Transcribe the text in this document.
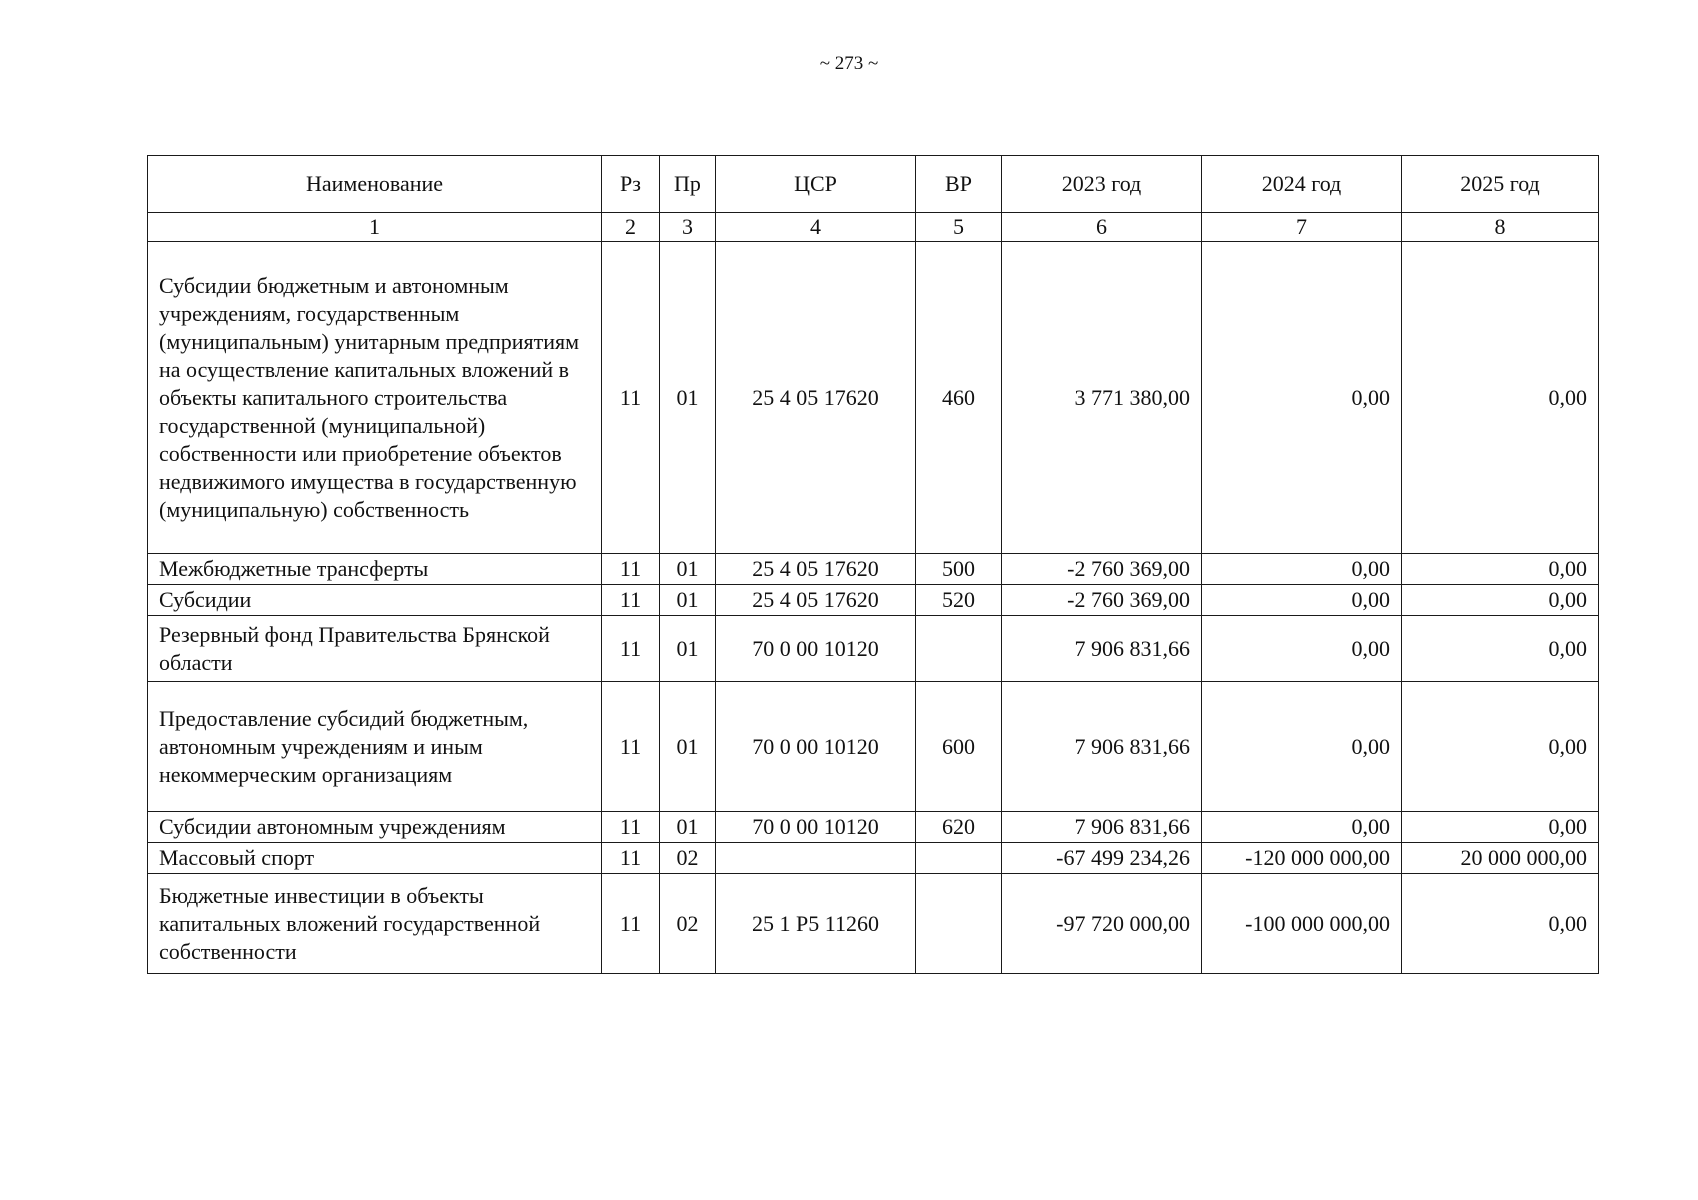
~ 273 ~
Наименование	Рз	Пр	ЦСР	ВР	2023 год	2024 год	2025 год
1	2	3	4	5	6	7	8
Субсидии бюджетным и автономным учреждениям, государственным (муниципальным) унитарным предприятиям на осуществление капитальных вложений в объекты капитального строительства государственной (муниципальной) собственности или приобретение объектов недвижимого имущества в государственную (муниципальную) собственность	11	01	25 4 05 17620	460	3 771 380,00	0,00	0,00
Межбюджетные трансферты	11	01	25 4 05 17620	500	-2 760 369,00	0,00	0,00
Субсидии	11	01	25 4 05 17620	520	-2 760 369,00	0,00	0,00
Резервный фонд Правительства Брянской области	11	01	70 0 00 10120		7 906 831,66	0,00	0,00
Предоставление субсидий бюджетным, автономным учреждениям и иным некоммерческим организациям	11	01	70 0 00 10120	600	7 906 831,66	0,00	0,00
Субсидии автономным учреждениям	11	01	70 0 00 10120	620	7 906 831,66	0,00	0,00
Массовый спорт	11	02			-67 499 234,26	-120 000 000,00	20 000 000,00
Бюджетные инвестиции в объекты капитальных вложений государственной собственности	11	02	25 1 P5 11260		-97 720 000,00	-100 000 000,00	0,00
